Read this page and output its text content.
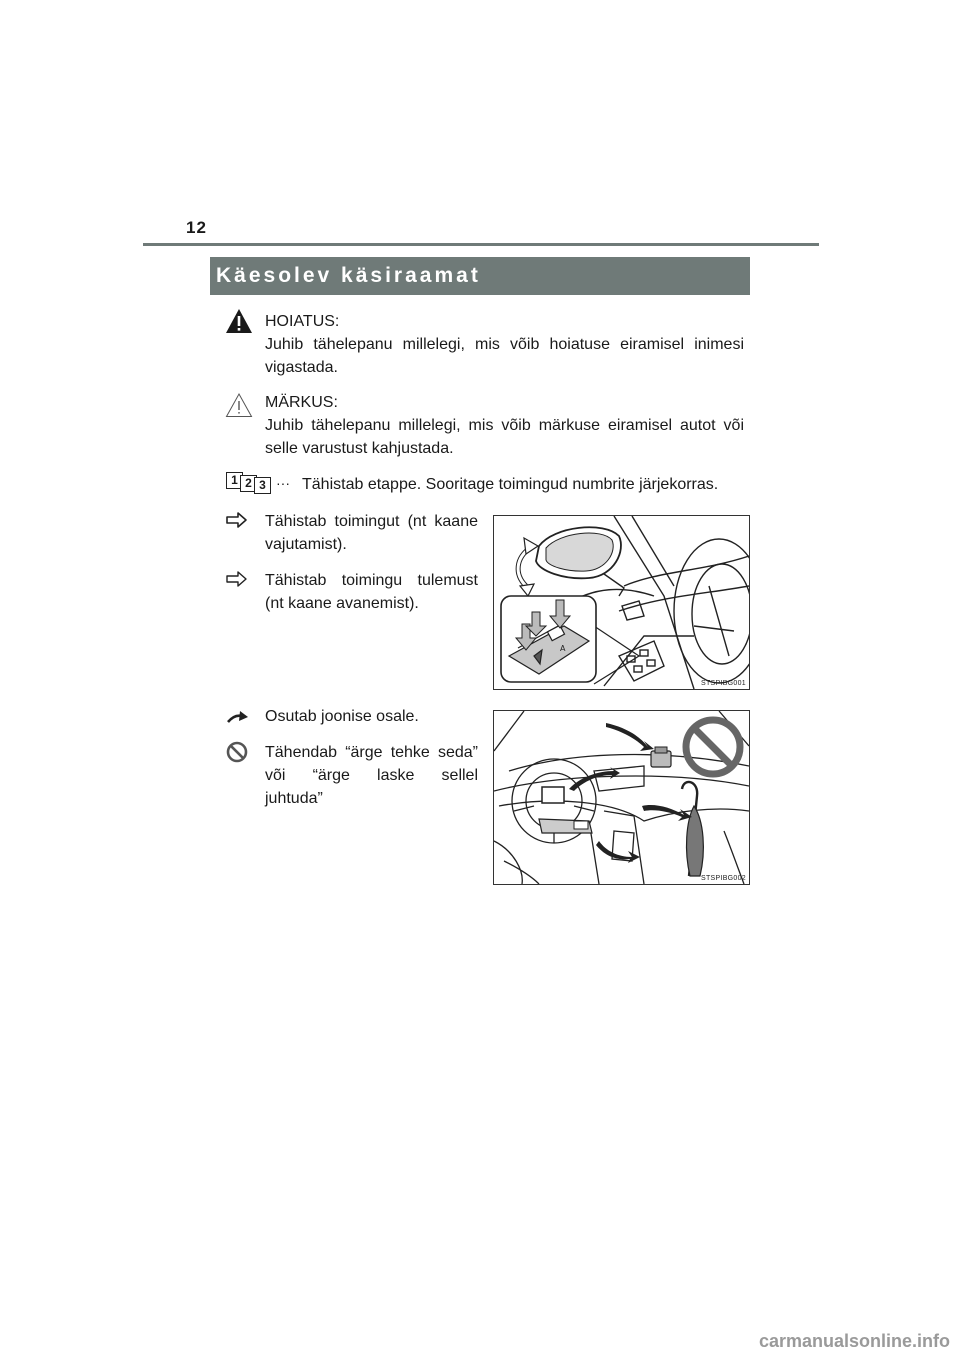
12
Käesolev käsiraamat
HOIATUS:
Juhib tähelepanu millelegi, mis võib hoiatuse eiramisel inimesi
vigastada.
MÄRKUS:
Juhib tähelepanu millelegi, mis võib märkuse eiramisel autot või
selle varustust kahjustada.
1 2 3 ··· Tähistab etappe. Sooritage toimingud numbrite järjekorras.
Tähistab toimingut (nt kaane
vajutamist).
Tähistab toimingu tulemust
(nt kaane avanemist).
A
STSPIBG001
Osutab joonise osale.
Tähendab “ärge tehke seda”
või “ärge laske sellel
juhtuda”
STSPIBG002
carmanualsonline.info
